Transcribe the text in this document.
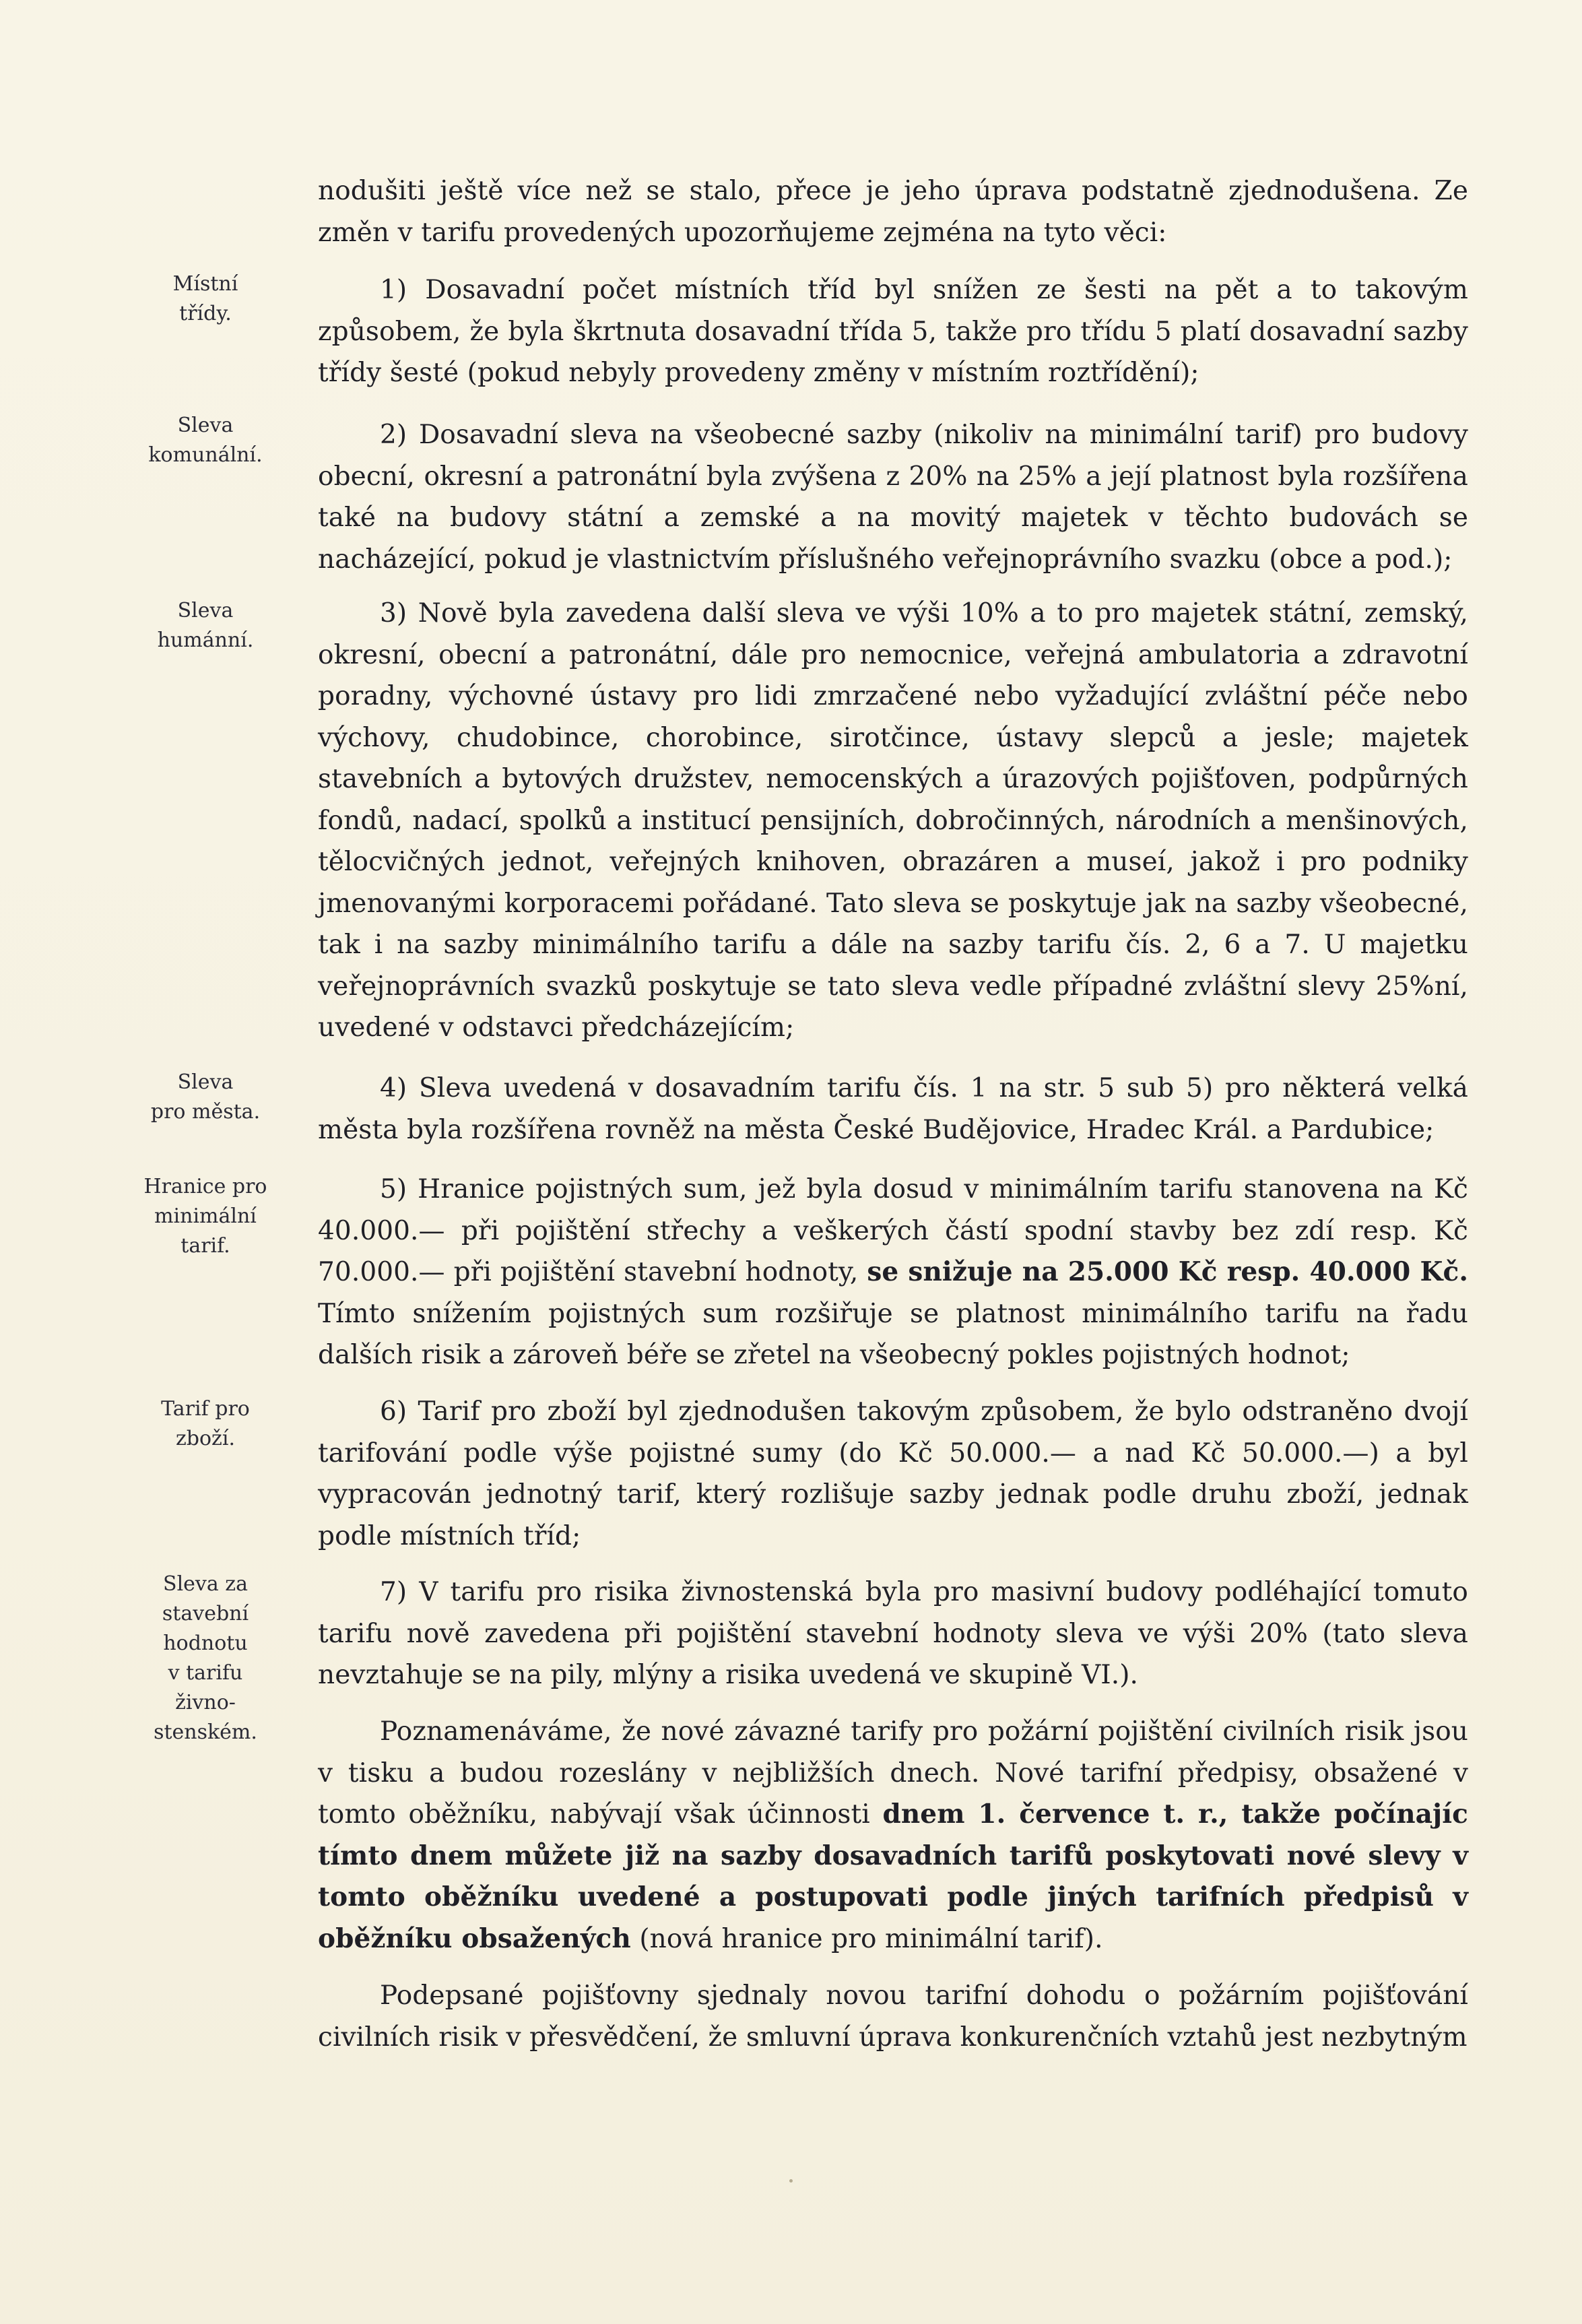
Místní
třídy.
Sleva
komunální.
Sleva
humánní.
Sleva
pro města.
Hranice pro
minimální
tarif.
Tarif pro
zboží.
Sleva za
stavební
hodnotu
v tarifu
živno-
stenském.

nodušiti ještě více než se stalo, přece je jeho úprava podstatně zjednodušena. Ze změn v tarifu provedených upozorňujeme zejména na tyto věci:

1) Dosavadní počet místních tříd byl snížen ze šesti na pět a to takovým způsobem, že byla škrtnuta dosavadní třída 5, takže pro třídu 5 platí dosavadní sazby třídy šesté (pokud nebyly provedeny změny v místním roztřídění);

2) Dosavadní sleva na všeobecné sazby (nikoliv na minimální tarif) pro budovy obecní, okresní a patronátní byla zvýšena z 20% na 25% a její platnost byla rozšířena také na budovy státní a zemské a na movitý majetek v těchto budovách se nacházející, pokud je vlastnictvím příslušného veřejnoprávního svazku (obce a pod.);

3) Nově byla zavedena další sleva ve výši 10% a to pro majetek státní, zemský, okresní, obecní a patronátní, dále pro nemocnice, veřejná ambulatoria a zdravotní poradny, výchovné ústavy pro lidi zmrzačené nebo vyžadující zvláštní péče nebo výchovy, chudobince, chorobince, sirotčince, ústavy slepců a jesle; majetek stavebních a bytových družstev, nemocenských a úrazových pojišťoven, podpůrných fondů, nadací, spolků a institucí pensijních, dobročinných, národních a menšinových, tělocvičných jednot, veřejných knihoven, obrazáren a museí, jakož i pro podniky jmenovanými korporacemi pořádané. Tato sleva se poskytuje jak na sazby všeobecné, tak i na sazby minimálního tarifu a dále na sazby tarifu čís. 2, 6 a 7. U majetku veřejnoprávních svazků poskytuje se tato sleva vedle případné zvláštní slevy 25%ní, uvedené v odstavci předcházejícím;

4) Sleva uvedená v dosavadním tarifu čís. 1 na str. 5 sub 5) pro některá velká města byla rozšířena rovněž na města České Budějovice, Hradec Král. a Pardubice;

5) Hranice pojistných sum, jež byla dosud v minimálním tarifu stanovena na Kč 40.000.— při pojištění střechy a veškerých částí spodní stavby bez zdí resp. Kč 70.000.— při pojištění stavební hodnoty, se snižuje na 25.000 Kč resp. 40.000 Kč. Tímto snížením pojistných sum rozšiřuje se platnost minimálního tarifu na řadu dalších risik a zároveň béře se zřetel na všeobecný pokles pojistných hodnot;

6) Tarif pro zboží byl zjednodušen takovým způsobem, že bylo odstraněno dvojí tarifování podle výše pojistné sumy (do Kč 50.000.— a nad Kč 50.000.—) a byl vypracován jednotný tarif, který rozlišuje sazby jednak podle druhu zboží, jednak podle místních tříd;

7) V tarifu pro risika živnostenská byla pro masivní budovy podléhající tomuto tarifu nově zavedena při pojištění stavební hodnoty sleva ve výši 20% (tato sleva nevztahuje se na pily, mlýny a risika uvedená ve skupině VI.).

Poznamenáváme, že nové závazné tarify pro požární pojištění civilních risik jsou v tisku a budou rozeslány v nejbližších dnech. Nové tarifní předpisy, obsažené v tomto oběžníku, nabývají však účinnosti dnem 1. července t. r., takže počínajíc tímto dnem můžete již na sazby dosavadních tarifů poskytovati nové slevy v tomto oběžníku uvedené a postupovati podle jiných tarifních předpisů v oběžníku obsažených (nová hranice pro minimální tarif).

Podepsané pojišťovny sjednaly novou tarifní dohodu o požárním pojišťování civilních risik v přesvědčení, že smluvní úprava konkurenčních vztahů jest nezbytným
